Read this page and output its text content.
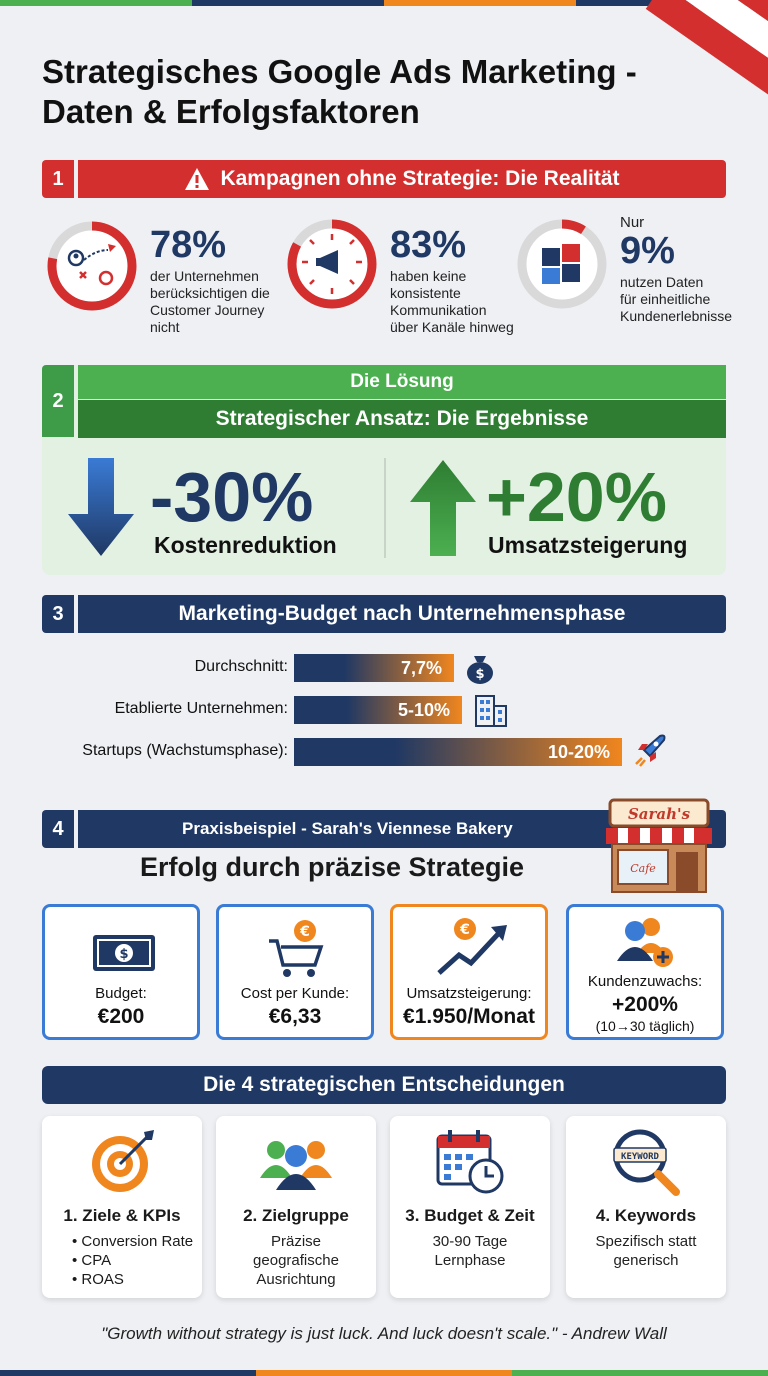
Strategisches Google Ads Marketing -
Daten & Erfolgsfaktoren
1	Kampagnen ohne Strategie: Die Realität
78%
der Unternehmen
berücksichtigen die
Customer Journey
nicht
83%
haben keine
konsistente
Kommunikation
über Kanäle hinweg
Nur
9%
nutzen Daten
für einheitliche
Kundenerlebnisse
2
Die Lösung
Strategischer Ansatz: Die Ergebnisse
-30%
Kostenreduktion
+20%
Umsatzsteigerung
3	Marketing-Budget nach Unternehmensphase
Durchschnitt:	7,7%	$
Etablierte Unternehmen:	5-10%
Startups (Wachstumsphase):	10-20%
4	Praxisbeispiel - Sarah's Viennese Bakery
Sarah's
Cafe
Erfolg durch präzise Strategie
$
Budget:
€200
€
Cost per Kunde:
€6,33
€
Umsatzsteigerung:
€1.950/Monat
Kundenzuwachs:
+200%
(10→30 täglich)
Die 4 strategischen Entscheidungen
1. Ziele & KPIs
• Conversion Rate
• CPA
• ROAS
2. Zielgruppe
Präzise
geografische
Ausrichtung
3. Budget & Zeit
30-90 Tage
Lernphase
KEYWORD
4. Keywords
Spezifisch statt
generisch
"Growth without strategy is just luck. And luck doesn't scale." - Andrew Wall
